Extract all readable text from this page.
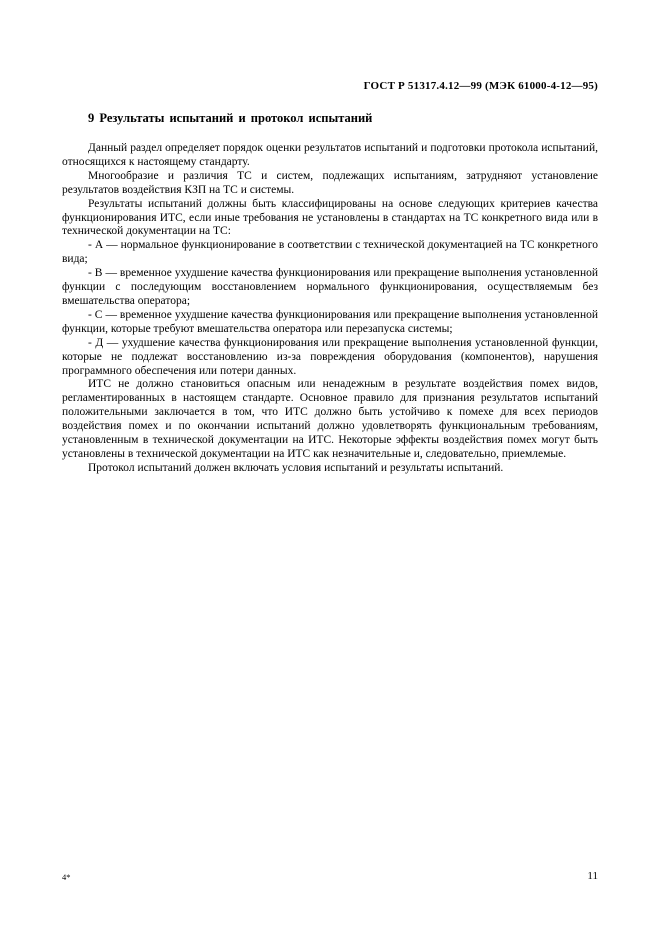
ГОСТ Р 51317.4.12—99 (МЭК 61000-4-12—95)
9 Результаты испытаний и протокол испытаний

Данный раздел определяет порядок оценки результатов испытаний и подготовки протокола испытаний, относящихся к настоящему стандарту.

Многообразие и различия ТС и систем, подлежащих испытаниям, затрудняют установление результатов воздействия КЗП на ТС и системы.

Результаты испытаний должны быть классифицированы на основе следующих критериев качества функционирования ИТС, если иные требования не установлены в стандартах на ТС конкретного вида или в технической документации на ТС:

- А — нормальное функционирование в соответствии с технической документацией на ТС конкретного вида;

- В — временное ухудшение качества функционирования или прекращение выполнения установленной функции с последующим восстановлением нормального функционирования, осуществляемым без вмешательства оператора;

- С — временное ухудшение качества функционирования или прекращение выполнения установленной функции, которые требуют вмешательства оператора или перезапуска системы;

- Д — ухудшение качества функционирования или прекращение выполнения установленной функции, которые не подлежат восстановлению из-за повреждения оборудования (компонентов), нарушения программного обеспечения или потери данных.

ИТС не должно становиться опасным или ненадежным в результате воздействия помех видов, регламентированных в настоящем стандарте. Основное правило для признания результатов испытаний положительными заключается в том, что ИТС должно быть устойчиво к помехе для всех периодов воздействия помех и по окончании испытаний должно удовлетворять функциональным требованиям, установленным в технической документации на ИТС. Некоторые эффекты воздействия помех могут быть установлены в технической документации на ИТС как незначительные и, следовательно, приемлемые.

Протокол испытаний должен включать условия испытаний и результаты испытаний.

4*	11
